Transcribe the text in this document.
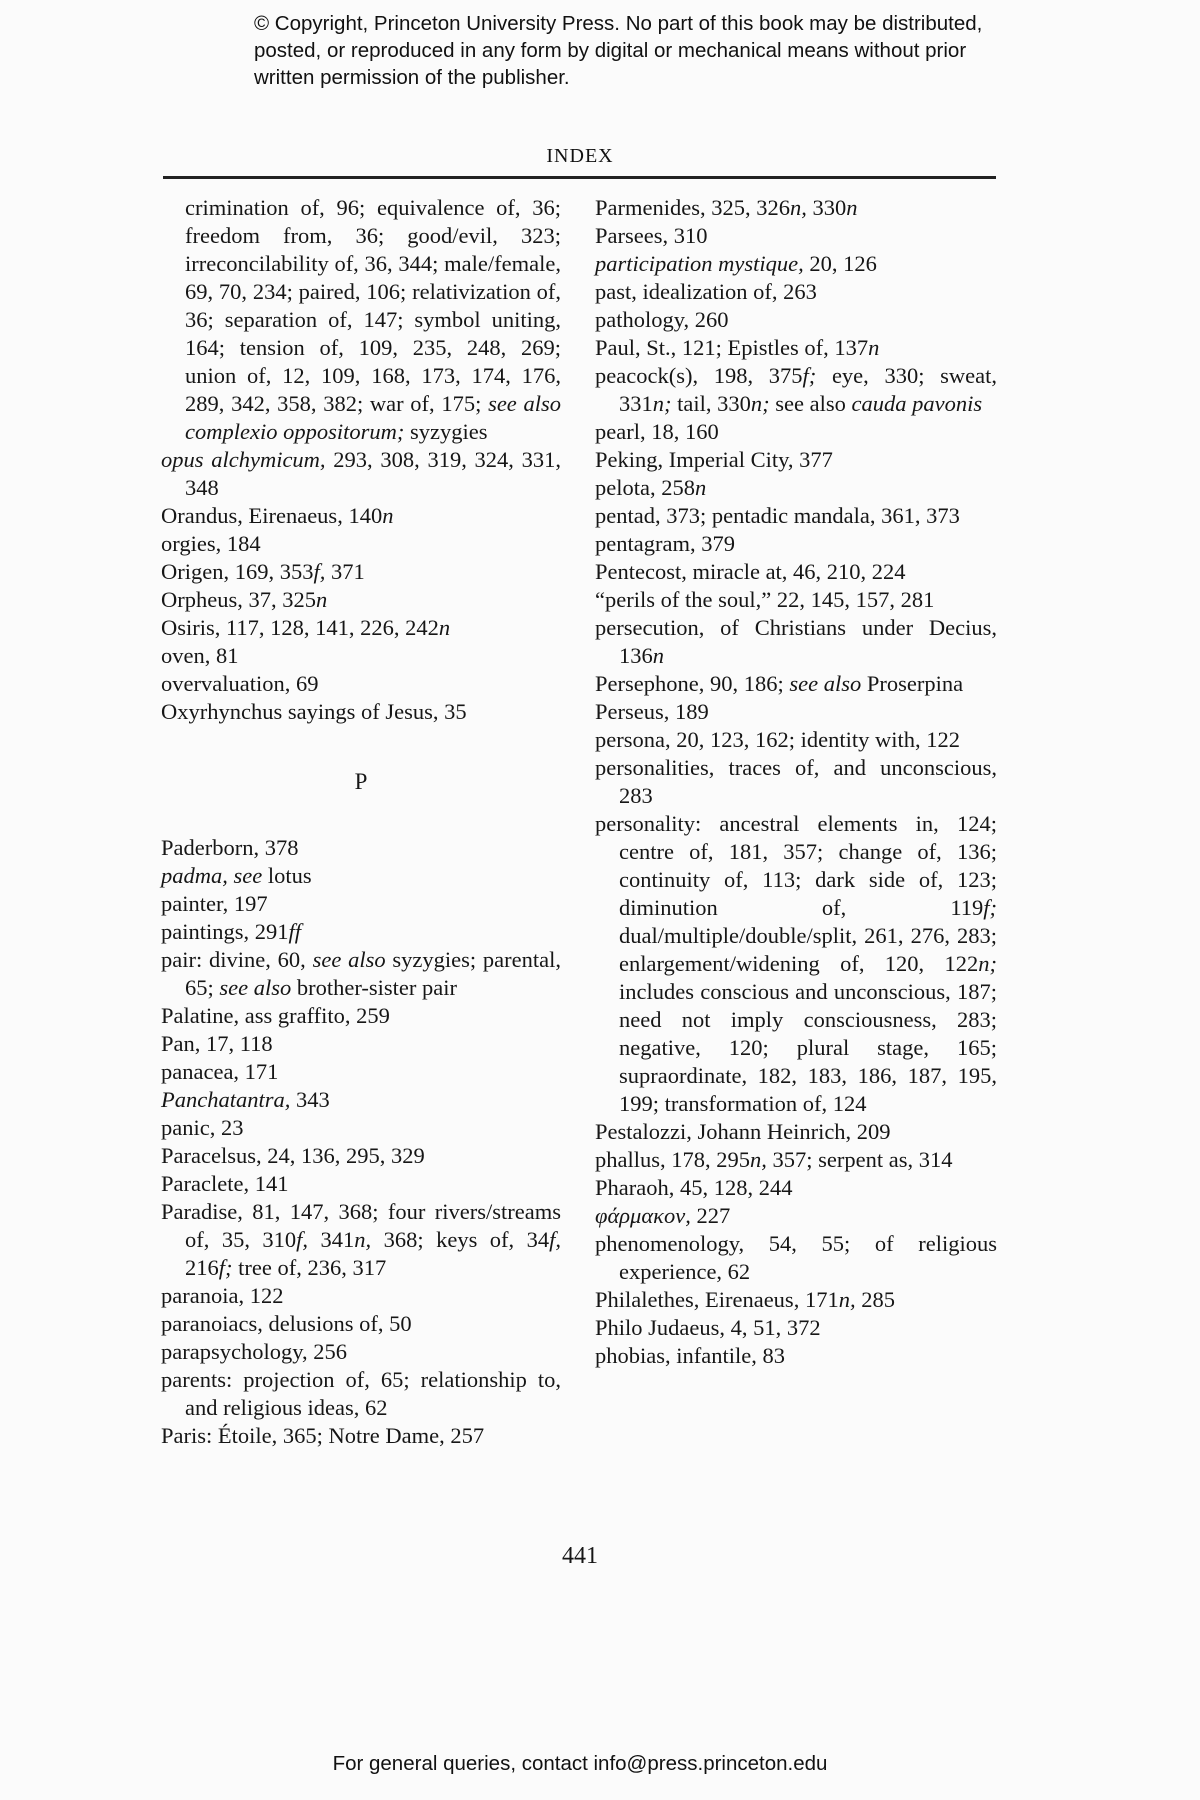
© Copyright, Princeton University Press. No part of this book may be distributed, posted, or reproduced in any form by digital or mechanical means without prior written permission of the publisher.
INDEX
crimination of, 96; equivalence of, 36; freedom from, 36; good/evil, 323; irreconcilability of, 36, 344; male/female, 69, 70, 234; paired, 106; relativization of, 36; separation of, 147; symbol uniting, 164; tension of, 109, 235, 248, 269; union of, 12, 109, 168, 173, 174, 176, 289, 342, 358, 382; war of, 175; see also complexio oppositorum; syzygies
opus alchymicum, 293, 308, 319, 324, 331, 348
Orandus, Eirenaeus, 140n
orgies, 184
Origen, 169, 353f, 371
Orpheus, 37, 325n
Osiris, 117, 128, 141, 226, 242n
oven, 81
overvaluation, 69
Oxyrhynchus sayings of Jesus, 35
P
Paderborn, 378
padma, see lotus
painter, 197
paintings, 291ff
pair: divine, 60, see also syzygies; parental, 65; see also brother-sister pair
Palatine, ass graffito, 259
Pan, 17, 118
panacea, 171
Panchatantra, 343
panic, 23
Paracelsus, 24, 136, 295, 329
Paraclete, 141
Paradise, 81, 147, 368; four rivers/streams of, 35, 310f, 341n, 368; keys of, 34f, 216f; tree of, 236, 317
paranoia, 122
paranoiacs, delusions of, 50
parapsychology, 256
parents: projection of, 65; relationship to, and religious ideas, 62
Paris: Étoile, 365; Notre Dame, 257
Parmenides, 325, 326n, 330n
Parsees, 310
participation mystique, 20, 126
past, idealization of, 263
pathology, 260
Paul, St., 121; Epistles of, 137n
peacock(s), 198, 375f; eye, 330; sweat, 331n; tail, 330n; see also cauda pavonis
pearl, 18, 160
Peking, Imperial City, 377
pelota, 258n
pentad, 373; pentadic mandala, 361, 373
pentagram, 379
Pentecost, miracle at, 46, 210, 224
“perils of the soul,” 22, 145, 157, 281
persecution, of Christians under Decius, 136n
Persephone, 90, 186; see also Proserpina
Perseus, 189
persona, 20, 123, 162; identity with, 122
personalities, traces of, and unconscious, 283
personality: ancestral elements in, 124; centre of, 181, 357; change of, 136; continuity of, 113; dark side of, 123; diminution of, 119f; dual/multiple/double/split, 261, 276, 283; enlargement/widening of, 120, 122n; includes conscious and unconscious, 187; need not imply consciousness, 283; negative, 120; plural stage, 165; supraordinate, 182, 183, 186, 187, 195, 199; transformation of, 124
Pestalozzi, Johann Heinrich, 209
phallus, 178, 295n, 357; serpent as, 314
Pharaoh, 45, 128, 244
φάρμακον, 227
phenomenology, 54, 55; of religious experience, 62
Philalethes, Eirenaeus, 171n, 285
Philo Judaeus, 4, 51, 372
phobias, infantile, 83
441
For general queries, contact info@press.princeton.edu
